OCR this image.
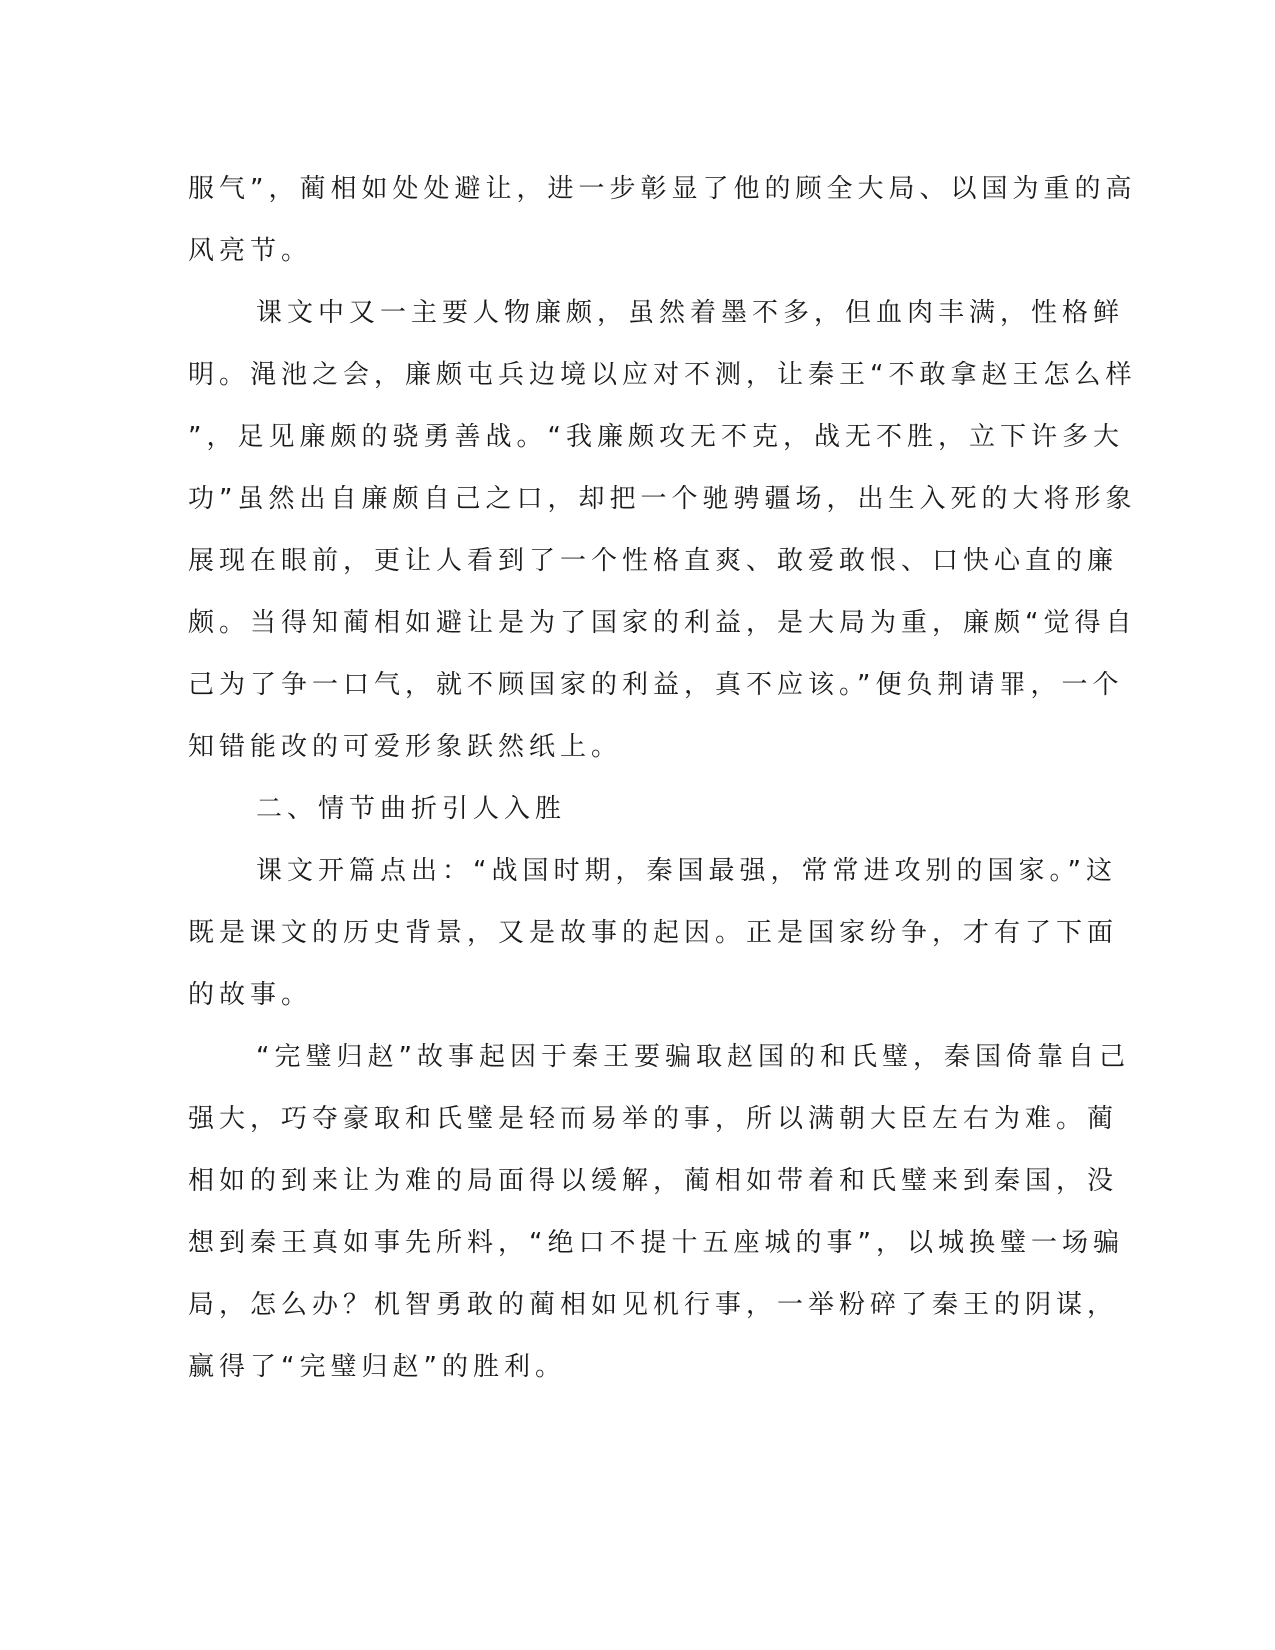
服气”，蔺相如处处避让，进一步彰显了他的顾全大局、以国为重的高
风亮节。
课文中又一主要人物廉颇，虽然着墨不多，但血肉丰满，性格鲜
明。渑池之会，廉颇屯兵边境以应对不测，让秦王“不敢拿赵王怎么样
”，足见廉颇的骁勇善战。“我廉颇攻无不克，战无不胜，立下许多大
功”虽然出自廉颇自己之口，却把一个驰骋疆场，出生入死的大将形象
展现在眼前，更让人看到了一个性格直爽、敢爱敢恨、口快心直的廉
颇。当得知蔺相如避让是为了国家的利益，是大局为重，廉颇“觉得自
己为了争一口气，就不顾国家的利益，真不应该。”便负荆请罪，一个
知错能改的可爱形象跃然纸上。
二、情节曲折引人入胜
课文开篇点出：“战国时期，秦国最强，常常进攻别的国家。”这
既是课文的历史背景，又是故事的起因。正是国家纷争，才有了下面
的故事。
“完璧归赵”故事起因于秦王要骗取赵国的和氏璧，秦国倚靠自己
强大，巧夺豪取和氏璧是轻而易举的事，所以满朝大臣左右为难。蔺
相如的到来让为难的局面得以缓解，蔺相如带着和氏璧来到秦国，没
想到秦王真如事先所料，“绝口不提十五座城的事”，以城换璧一场骗
局，怎么办？机智勇敢的蔺相如见机行事，一举粉碎了秦王的阴谋，
赢得了“完璧归赵”的胜利。
